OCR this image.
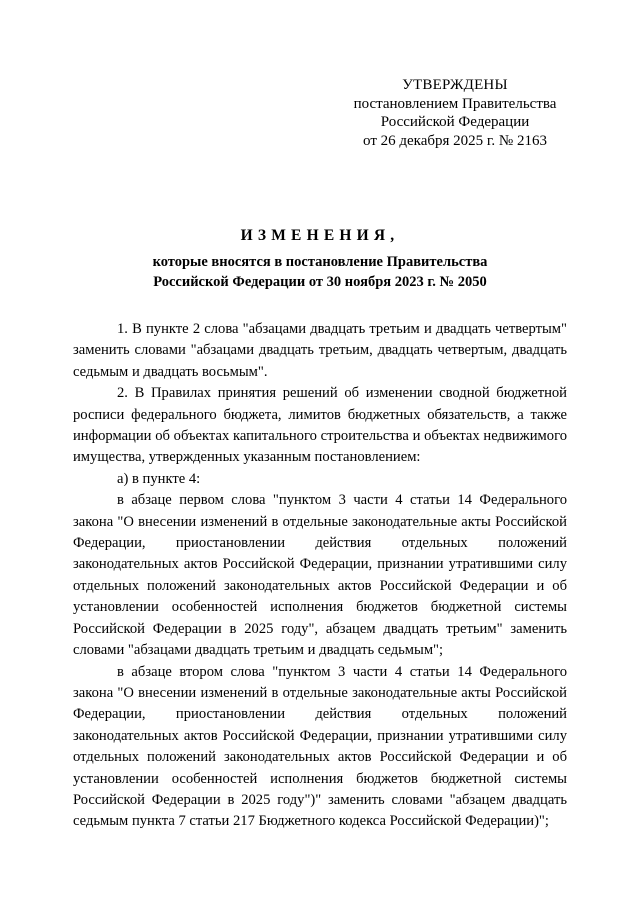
УТВЕРЖДЕНЫ
постановлением Правительства
Российской Федерации
от 26 декабря 2025 г. № 2163
ИЗМЕНЕНИЯ,
которые вносятся в постановление Правительства
Российской Федерации от 30 ноября 2023 г. № 2050

1. В пункте 2 слова "абзацами двадцать третьим и двадцать четвертым" заменить словами "абзацами двадцать третьим, двадцать четвертым, двадцать седьмым и двадцать восьмым".

2. В Правилах принятия решений об изменении сводной бюджетной росписи федерального бюджета, лимитов бюджетных обязательств, а также информации об объектах капитального строительства и объектах недвижимого имущества, утвержденных указанным постановлением:

а) в пункте 4:

в абзаце первом слова "пунктом 3 части 4 статьи 14 Федерального закона "О внесении изменений в отдельные законодательные акты Российской Федерации, приостановлении действия отдельных положений законодательных актов Российской Федерации, признании утратившими силу отдельных положений законодательных актов Российской Федерации и об установлении особенностей исполнения бюджетов бюджетной системы Российской Федерации в 2025 году", абзацем двадцать третьим" заменить словами "абзацами двадцать третьим и двадцать седьмым";

в абзаце втором слова "пунктом 3 части 4 статьи 14 Федерального закона "О внесении изменений в отдельные законодательные акты Российской Федерации, приостановлении действия отдельных положений законодательных актов Российской Федерации, признании утратившими силу отдельных положений законодательных актов Российской Федерации и об установлении особенностей исполнения бюджетов бюджетной системы Российской Федерации в 2025 году")" заменить словами "абзацем двадцать седьмым пункта 7 статьи 217 Бюджетного кодекса Российской Федерации)";
